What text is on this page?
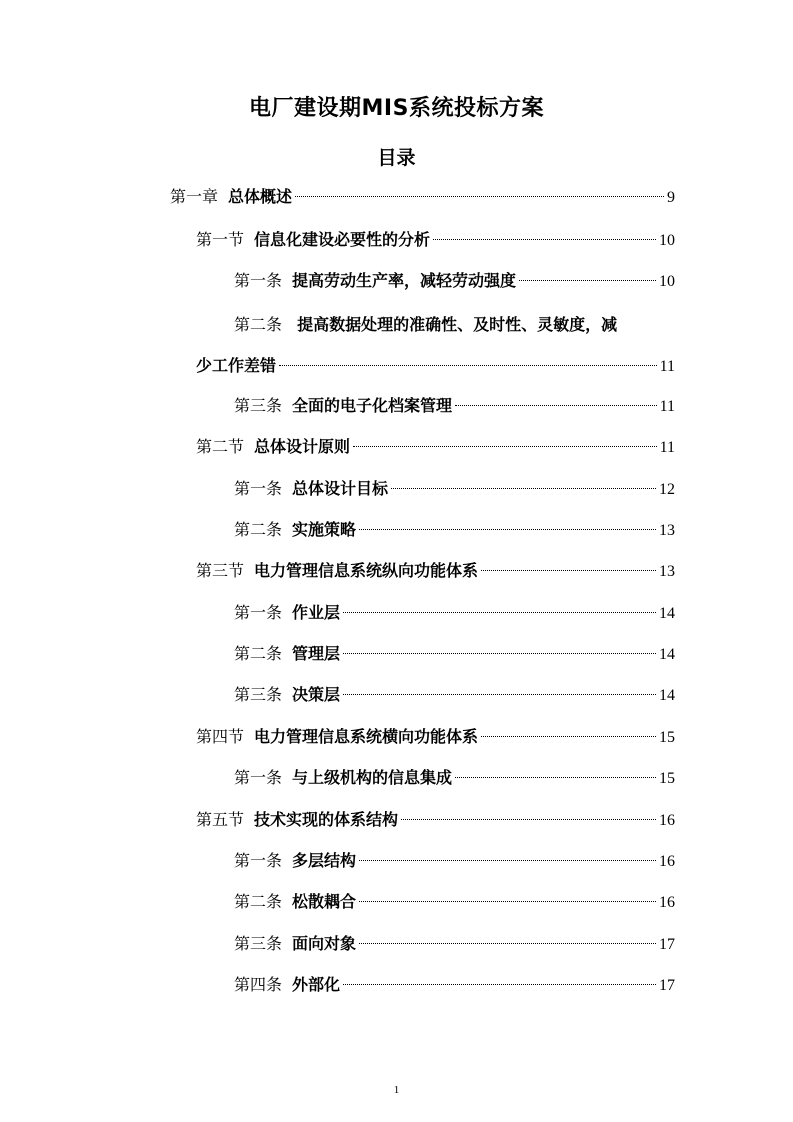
电厂建设期MIS系统投标方案
目录
第一章 总体概述	9
第一节 信息化建设必要性的分析	10
第一条 提高劳动生产率，减轻劳动强度	10
第二条 提高数据处理的准确性、及时性、灵敏度，减
少工作差错	11
第三条 全面的电子化档案管理	11
第二节 总体设计原则	11
第一条 总体设计目标	12
第二条 实施策略	13
第三节 电力管理信息系统纵向功能体系	13
第一条 作业层	14
第二条 管理层	14
第三条 决策层	14
第四节 电力管理信息系统横向功能体系	15
第一条 与上级机构的信息集成	15
第五节 技术实现的体系结构	16
第一条 多层结构	16
第二条 松散耦合	16
第三条 面向对象	17
第四条 外部化	17
1
